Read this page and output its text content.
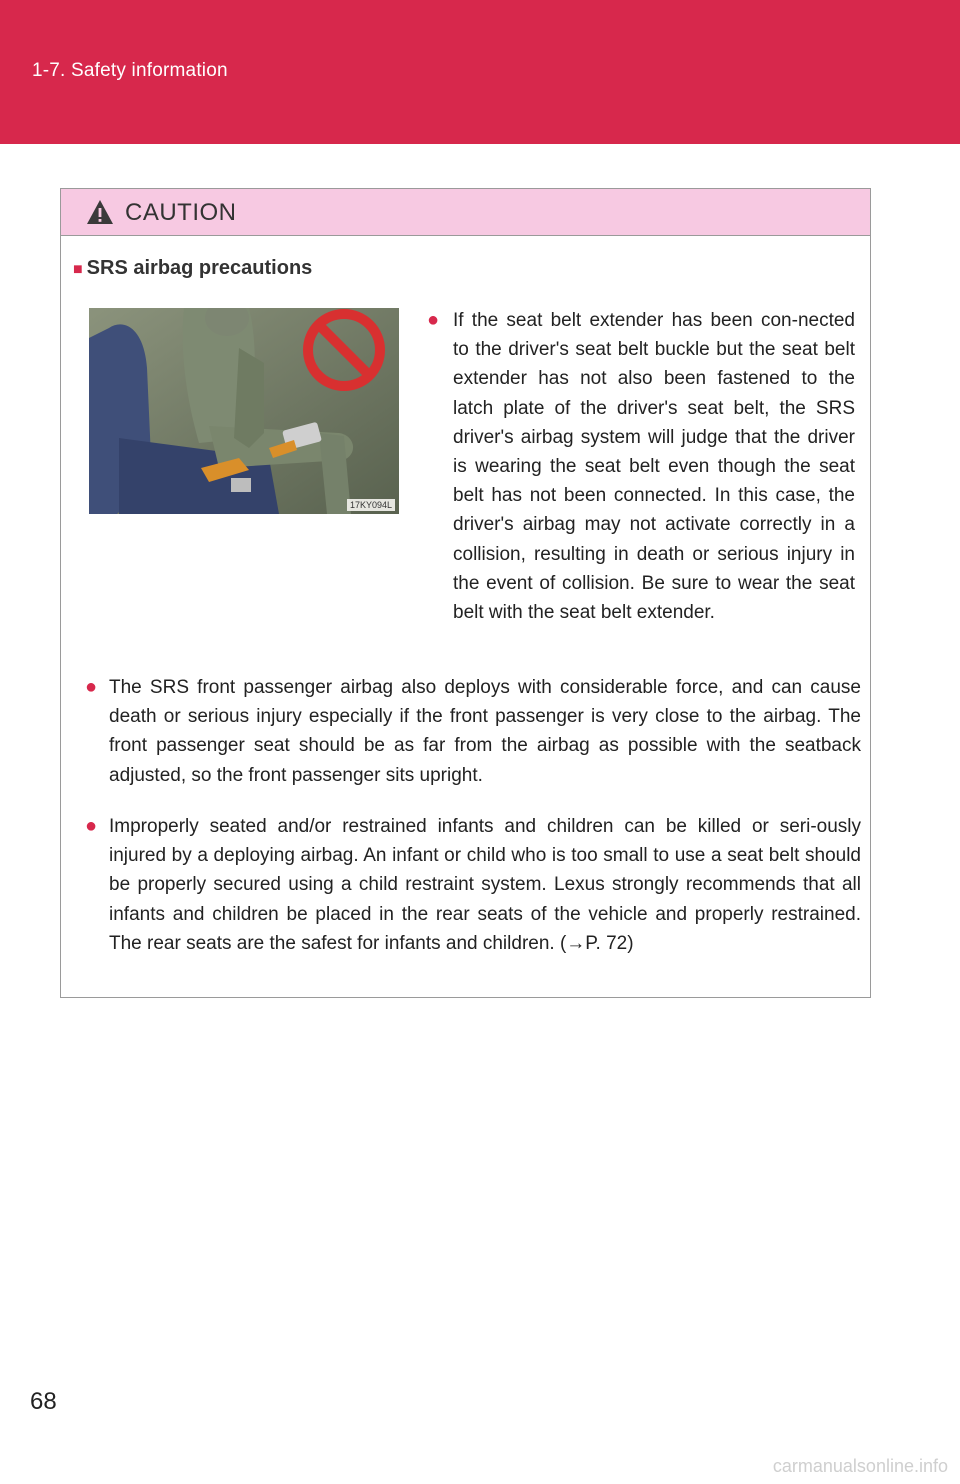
1-7. Safety information
CAUTION
■ SRS airbag precautions
17KY094L
● If the seat belt extender has been con-nected to the driver's seat belt buckle but the seat belt extender has not also been fastened to the latch plate of the driver's seat belt, the SRS driver's airbag system will judge that the driver is wearing the seat belt even though the seat belt has not been connected. In this case, the driver's airbag may not activate correctly in a collision, resulting in death or serious injury in the event of collision. Be sure to wear the seat belt with the seat belt extender.
● The SRS front passenger airbag also deploys with considerable force, and can cause death or serious injury especially if the front passenger is very close to the airbag. The front passenger seat should be as far from the airbag as possible with the seatback adjusted, so the front passenger sits upright.
● Improperly seated and/or restrained infants and children can be killed or seri-ously injured by a deploying airbag. An infant or child who is too small to use a seat belt should be properly secured using a child restraint system. Lexus strongly recommends that all infants and children be placed in the rear seats of the vehicle and properly restrained. The rear seats are the safest for infants and children. (→P. 72)
68
carmanualsonline.info
